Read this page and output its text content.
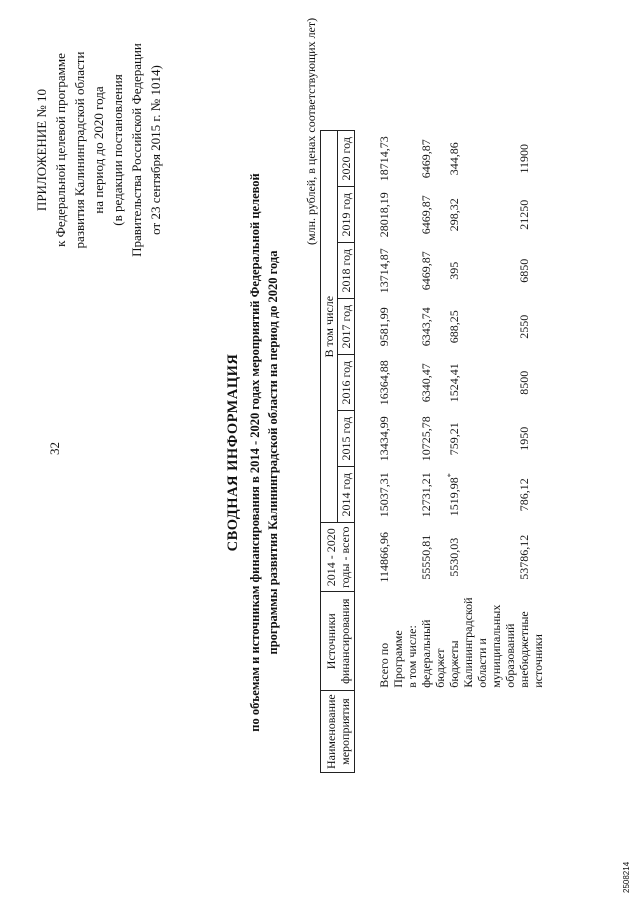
32
ПРИЛОЖЕНИЕ № 10 к Федеральной целевой программе развития Калининградской области на период до 2020 года (в редакции постановления Правительства Российской Федерации от 23 сентября 2015 г. № 1014)
СВОДНАЯ ИНФОРМАЦИЯ по объемам и источникам финансирования в 2014 - 2020 годах мероприятий Федеральной целевой программы развития Калининградской области на период до 2020 года
(млн. рублей, в ценах соответствующих лет)
Наименование мероприятия	Источники финансирования	2014 - 2020 годы - всего	В том числе						
			2014 год	2015 год	2016 год	2017 год	2018 год	2019 год	2020 год

	Всего по Программе	114866,96	15037,31	13434,99	16364,88	9581,99	13714,87	28018,19	18714,73
	в том числе:								
	федеральный бюджет	55550,81	12731,21	10725,78	6340,47	6343,74	6469,87	6469,87	6469,87
	бюджеты Калининградской области и муниципальных образований	5530,03	1519,98*	759,21	1524,41	688,25	395	298,32	344,86
	внебюджетные источники	53786,12	786,12	1950	8500	2550	6850	21250	11900
2508214
